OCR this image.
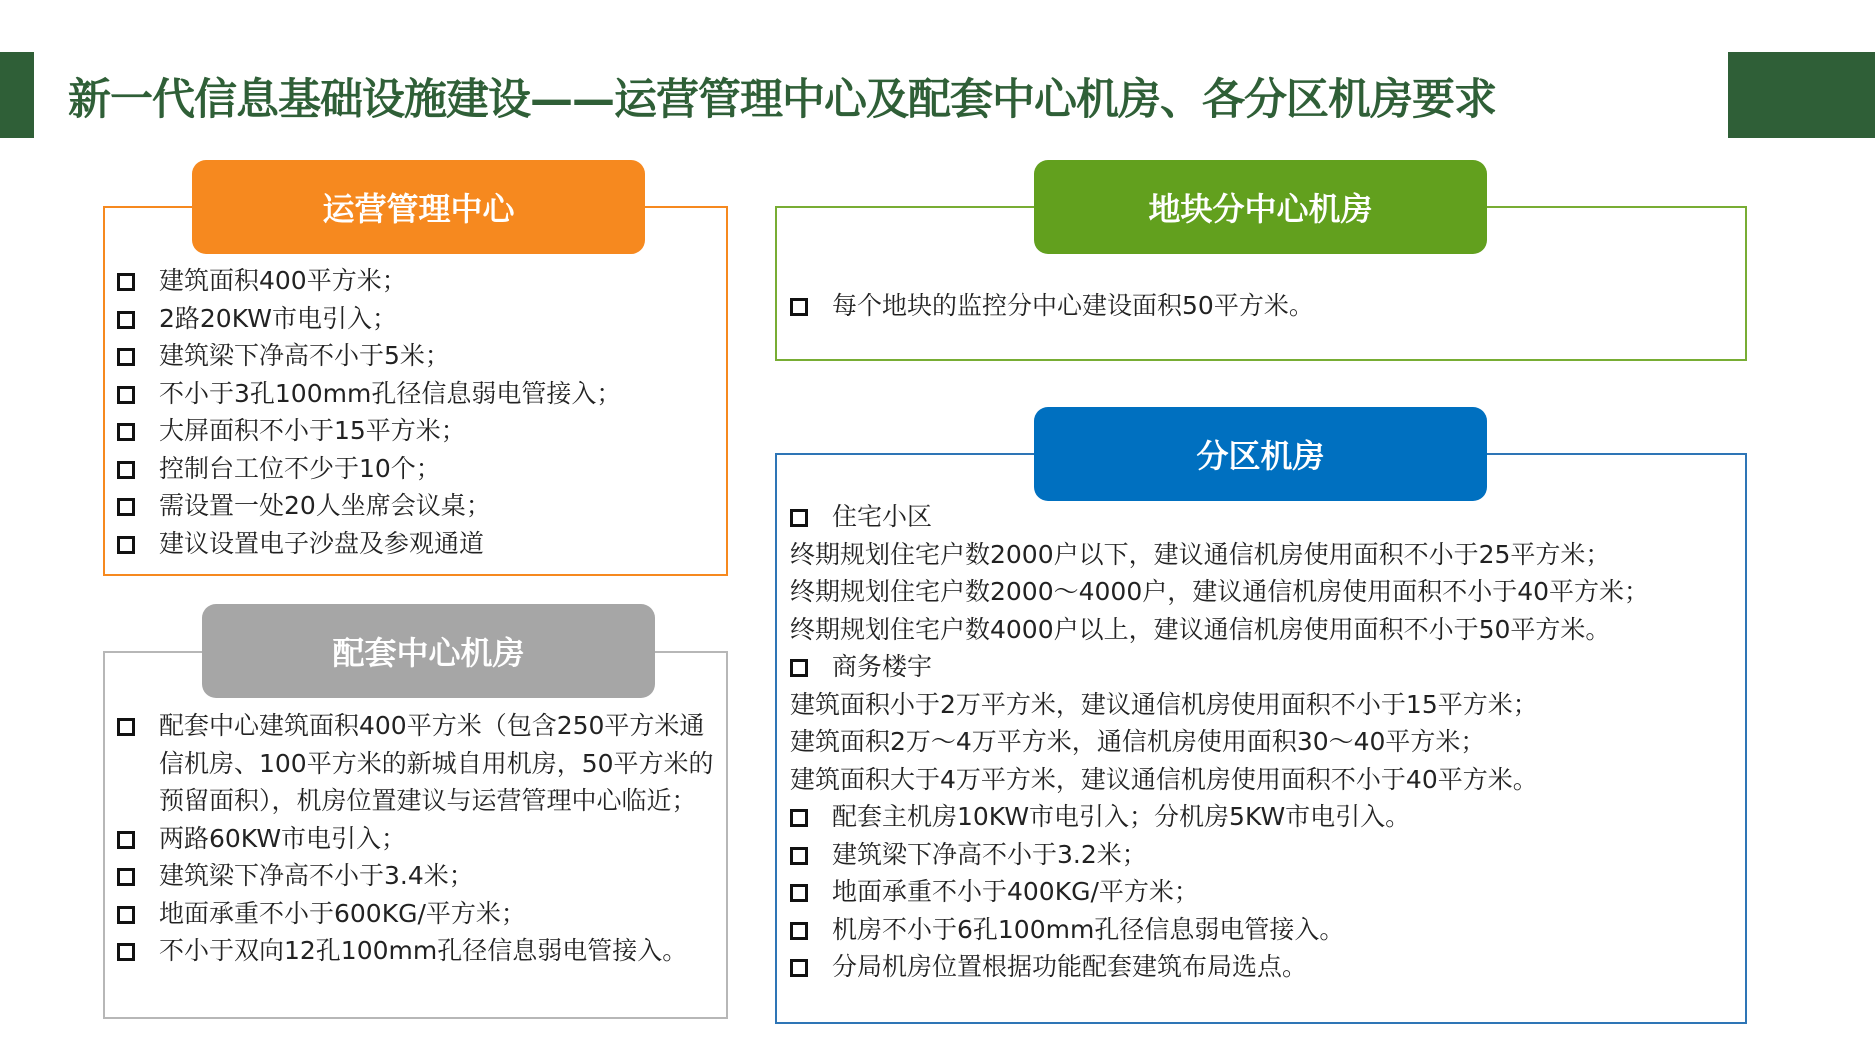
新一代信息基础设施建设——运营管理中心及配套中心机房、各分区机房要求
运营管理中心
建筑面积400平方米；
2路20KW市电引入；
建筑梁下净高不小于5米；
不小于3孔100mm孔径信息弱电管接入；
大屏面积不小于15平方米；
控制台工位不少于10个；
需设置一处20人坐席会议桌；
建议设置电子沙盘及参观通道
配套中心机房
配套中心建筑面积400平方米（包含250平方米通信机房、100平方米的新城自用机房，50平方米的预留面积），机房位置建议与运营管理中心临近；
两路60KW市电引入；
建筑梁下净高不小于3.4米；
地面承重不小于600KG/平方米；
不小于双向12孔100mm孔径信息弱电管接入。
地块分中心机房
每个地块的监控分中心建设面积50平方米。
分区机房
住宅小区
终期规划住宅户数2000户以下，建议通信机房使用面积不小于25平方米；
终期规划住宅户数2000～4000户，建议通信机房使用面积不小于40平方米；
终期规划住宅户数4000户以上，建议通信机房使用面积不小于50平方米。
商务楼宇
建筑面积小于2万平方米，建议通信机房使用面积不小于15平方米；
建筑面积2万～4万平方米，通信机房使用面积30～40平方米；
建筑面积大于4万平方米，建议通信机房使用面积不小于40平方米。
配套主机房10KW市电引入；分机房5KW市电引入。
建筑梁下净高不小于3.2米；
地面承重不小于400KG/平方米；
机房不小于6孔100mm孔径信息弱电管接入。
分局机房位置根据功能配套建筑布局选点。
